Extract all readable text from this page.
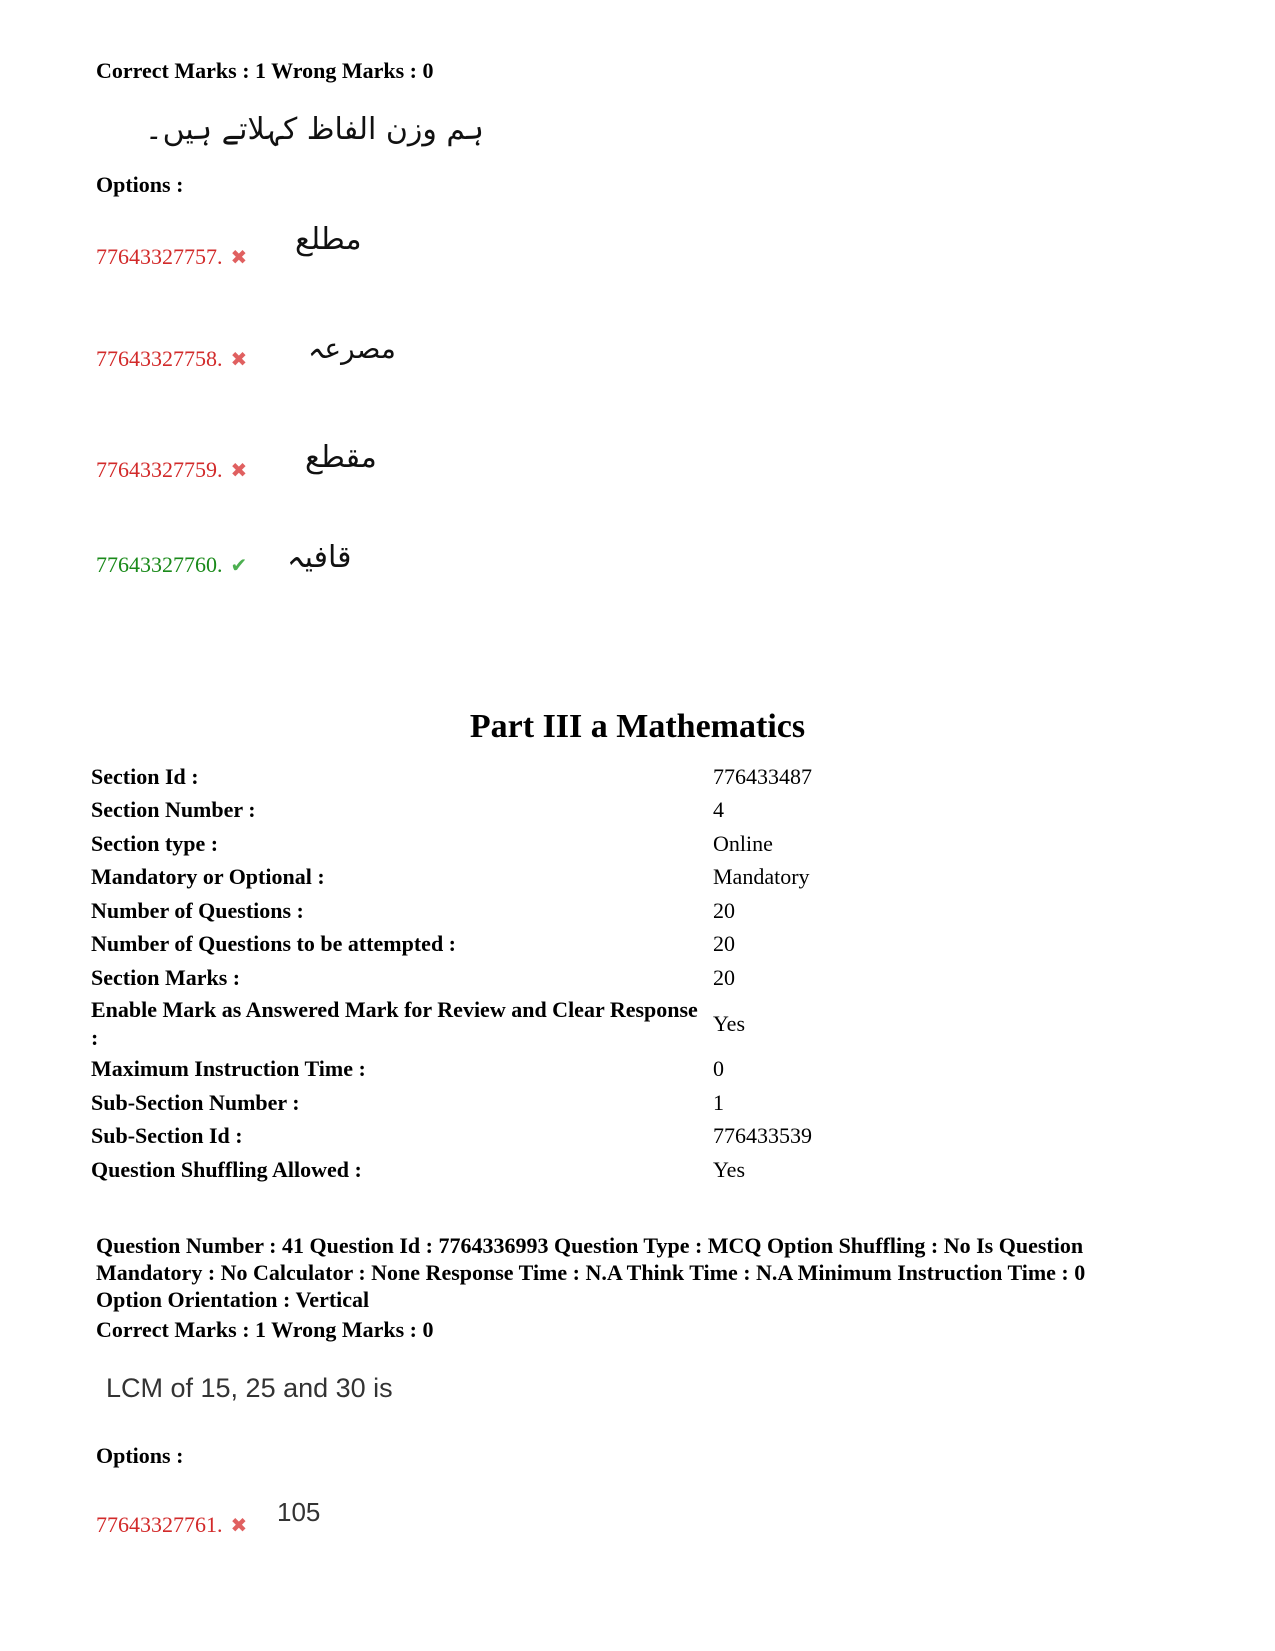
Correct Marks : 1 Wrong Marks : 0
ہم وزن الفاظ کہلاتے ہیں۔
Options :
77643327757. ✖ مطلع
77643327758. ✖ مصرعہ
77643327759. ✖ مقطع
77643327760. ✔ قافیہ
Part III a Mathematics
Section Id :	776433487
Section Number :	4
Section type :	Online
Mandatory or Optional :	Mandatory
Number of Questions :	20
Number of Questions to be attempted :	20
Section Marks :	20
Enable Mark as Answered Mark for Review and Clear Response :	Yes
Maximum Instruction Time :	0
Sub-Section Number :	1
Sub-Section Id :	776433539
Question Shuffling Allowed :	Yes
Question Number : 41 Question Id : 7764336993 Question Type : MCQ Option Shuffling : No Is Question Mandatory : No Calculator : None Response Time : N.A Think Time : N.A Minimum Instruction Time : 0 Option Orientation : Vertical
Correct Marks : 1 Wrong Marks : 0
LCM of 15, 25 and 30 is
Options :
77643327761. ✖ 105
